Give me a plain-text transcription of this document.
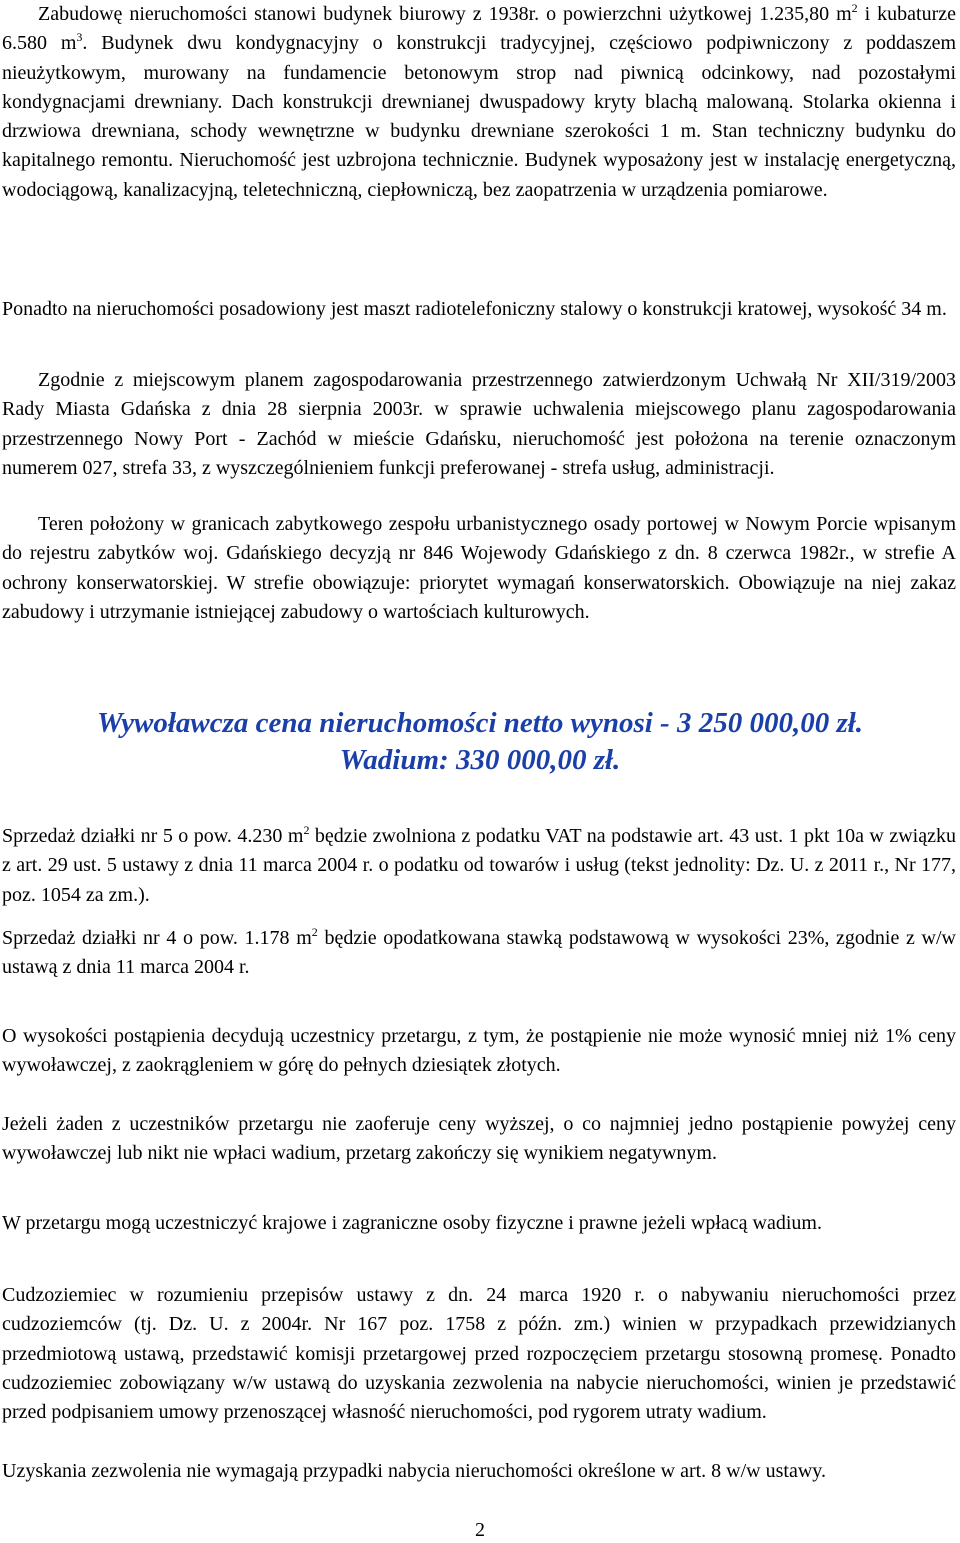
Zabudowę nieruchomości stanowi budynek biurowy z 1938r. o powierzchni użytkowej 1.235,80 $m^2$ i kubaturze 6.580 $m^3$. Budynek dwu kondygnacyjny o konstrukcji tradycyjnej, częściowo podpiwniczony z poddaszem nieużytkowym, murowany na fundamencie betonowym strop nad piwnicą odcinkowy, nad pozostałymi kondygnacjami drewniany. Dach konstrukcji drewnianej dwuspadowy kryty blachą malowaną. Stolarka okienna i drzwiowa drewniana, schody wewnętrzne w budynku drewniane szerokości 1 m. Stan techniczny budynku do kapitalnego remontu. Nieruchomość jest uzbrojona technicznie. Budynek wyposażony jest w instalację energetyczną, wodociągową, kanalizacyjną, teletechniczną, ciepłowniczą, bez zaopatrzenia w urządzenia pomiarowe.

Ponadto na nieruchomości posadowiony jest maszt radiotelefoniczny stalowy o konstrukcji kratowej, wysokość 34 m.

Zgodnie z miejscowym planem zagospodarowania przestrzennego zatwierdzonym Uchwałą Nr XII/319/2003 Rady Miasta Gdańska z dnia 28 sierpnia 2003r. w sprawie uchwalenia miejscowego planu zagospodarowania przestrzennego Nowy Port - Zachód w mieście Gdańsku, nieruchomość jest położona na terenie oznaczonym numerem 027, strefa 33, z wyszczególnieniem funkcji preferowanej - strefa usług, administracji.

Teren położony w granicach zabytkowego zespołu urbanistycznego osady portowej w Nowym Porcie wpisanym do rejestru zabytków woj. Gdańskiego decyzją nr 846 Wojewody Gdańskiego z dn. 8 czerwca 1982r., w strefie A ochrony konserwatorskiej. W strefie obowiązuje: priorytet wymagań konserwatorskich. Obowiązuje na niej zakaz zabudowy i utrzymanie istniejącej zabudowy o wartościach kulturowych.

Wywoławcza cena nieruchomości netto wynosi - 3 250 000,00 zł.
Wadium: 330 000,00 zł.

Sprzedaż działki nr 5 o pow. 4.230 $m^2$ będzie zwolniona z podatku VAT na podstawie art. 43 ust. 1 pkt 10a w związku z art. 29 ust. 5 ustawy z dnia 11 marca 2004 r. o podatku od towarów i usług (tekst jednolity: Dz. U. z 2011 r., Nr 177, poz. 1054 za zm.).

Sprzedaż działki nr 4 o pow. 1.178 $m^2$ będzie opodatkowana stawką podstawową w wysokości 23%, zgodnie z w/w ustawą z dnia 11 marca 2004 r.

O wysokości postąpienia decydują uczestnicy przetargu, z tym, że postąpienie nie może wynosić mniej niż 1% ceny wywoławczej, z zaokrągleniem w górę do pełnych dziesiątek złotych.

Jeżeli żaden z uczestników przetargu nie zaoferuje ceny wyższej, o co najmniej jedno postąpienie powyżej ceny wywoławczej lub nikt nie wpłaci wadium, przetarg zakończy się wynikiem negatywnym.

W przetargu mogą uczestniczyć krajowe i zagraniczne osoby fizyczne i prawne jeżeli wpłacą wadium.

Cudzoziemiec w rozumieniu przepisów ustawy z dn. 24 marca 1920 r. o nabywaniu nieruchomości przez cudzoziemców (tj. Dz. U. z 2004r. Nr 167 poz. 1758 z późn. zm.) winien w przypadkach przewidzianych przedmiotową ustawą, przedstawić komisji przetargowej przed rozpoczęciem przetargu stosowną promesę. Ponadto cudzoziemiec zobowiązany w/w ustawą do uzyskania zezwolenia na nabycie nieruchomości, winien je przedstawić przed podpisaniem umowy przenoszącej własność nieruchomości, pod rygorem utraty wadium.

Uzyskania zezwolenia nie wymagają przypadki nabycia nieruchomości określone w art. 8 w/w ustawy.

2
